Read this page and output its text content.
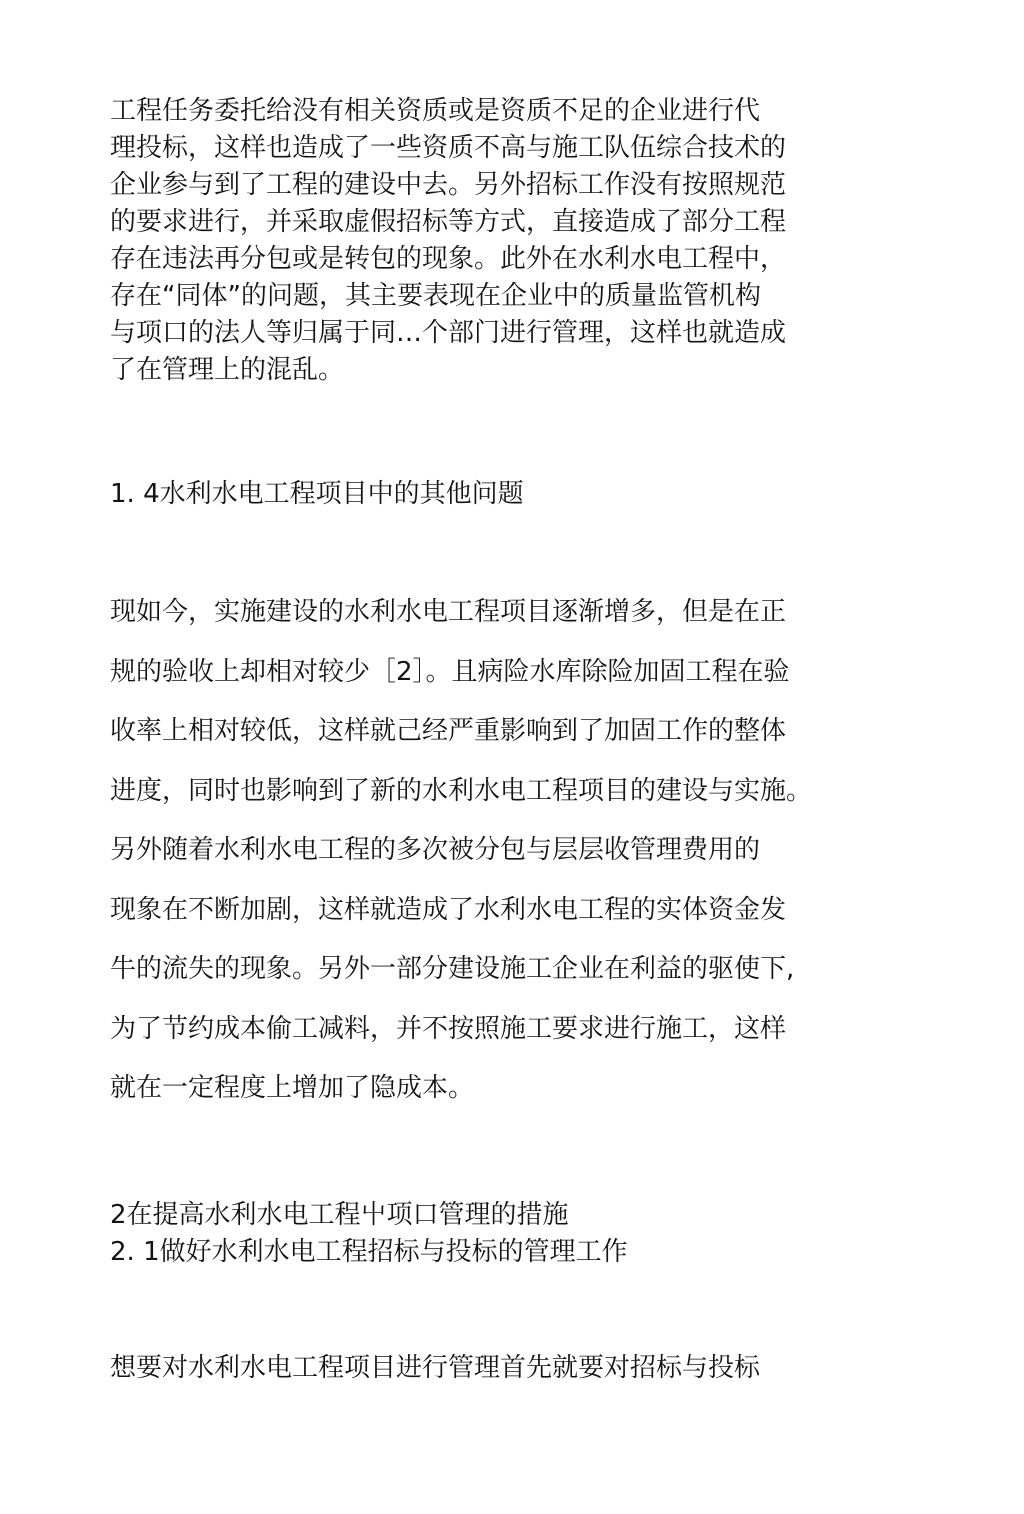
工程任务委托给没有相关资质或是资质不足的企业进行代

理投标，这样也造成了一些资质不高与施工队伍综合技术的

企业参与到了工程的建设中去。另外招标工作没有按照规范

的要求进行，并采取虚假招标等方式，直接造成了部分工程

存在违法再分包或是转包的现象。此外在水利水电工程中，

存在“同体”的问题，其主要表现在企业中的质量监管机构

与项口的法人等归属于同…个部门进行管理，这样也就造成

了在管理上的混乱。

1. 4水利水电工程项目中的其他问题

现如今，实施建设的水利水电工程项目逐渐增多，但是在正

规的验收上却相对较少［2］。且病险水库除险加固工程在验

收率上相对较低，这样就己经严重影响到了加固工作的整体

进度，同时也影响到了新的水利水电工程项目的建设与实施。

另外随着水利水电工程的多次被分包与层层收管理费用的

现象在不断加剧，这样就造成了水利水电工程的实体资金发

牛的流失的现象。另外一部分建设施工企业在利益的驱使下,

为了节约成本偷工减料，并不按照施工要求进行施工，这样

就在一定程度上增加了隐成本。

2在提高水利水电工程屮项口管理的措施

2. 1做好水利水电工程招标与投标的管理工作

想要对水利水电工程项目进行管理首先就要对招标与投标
